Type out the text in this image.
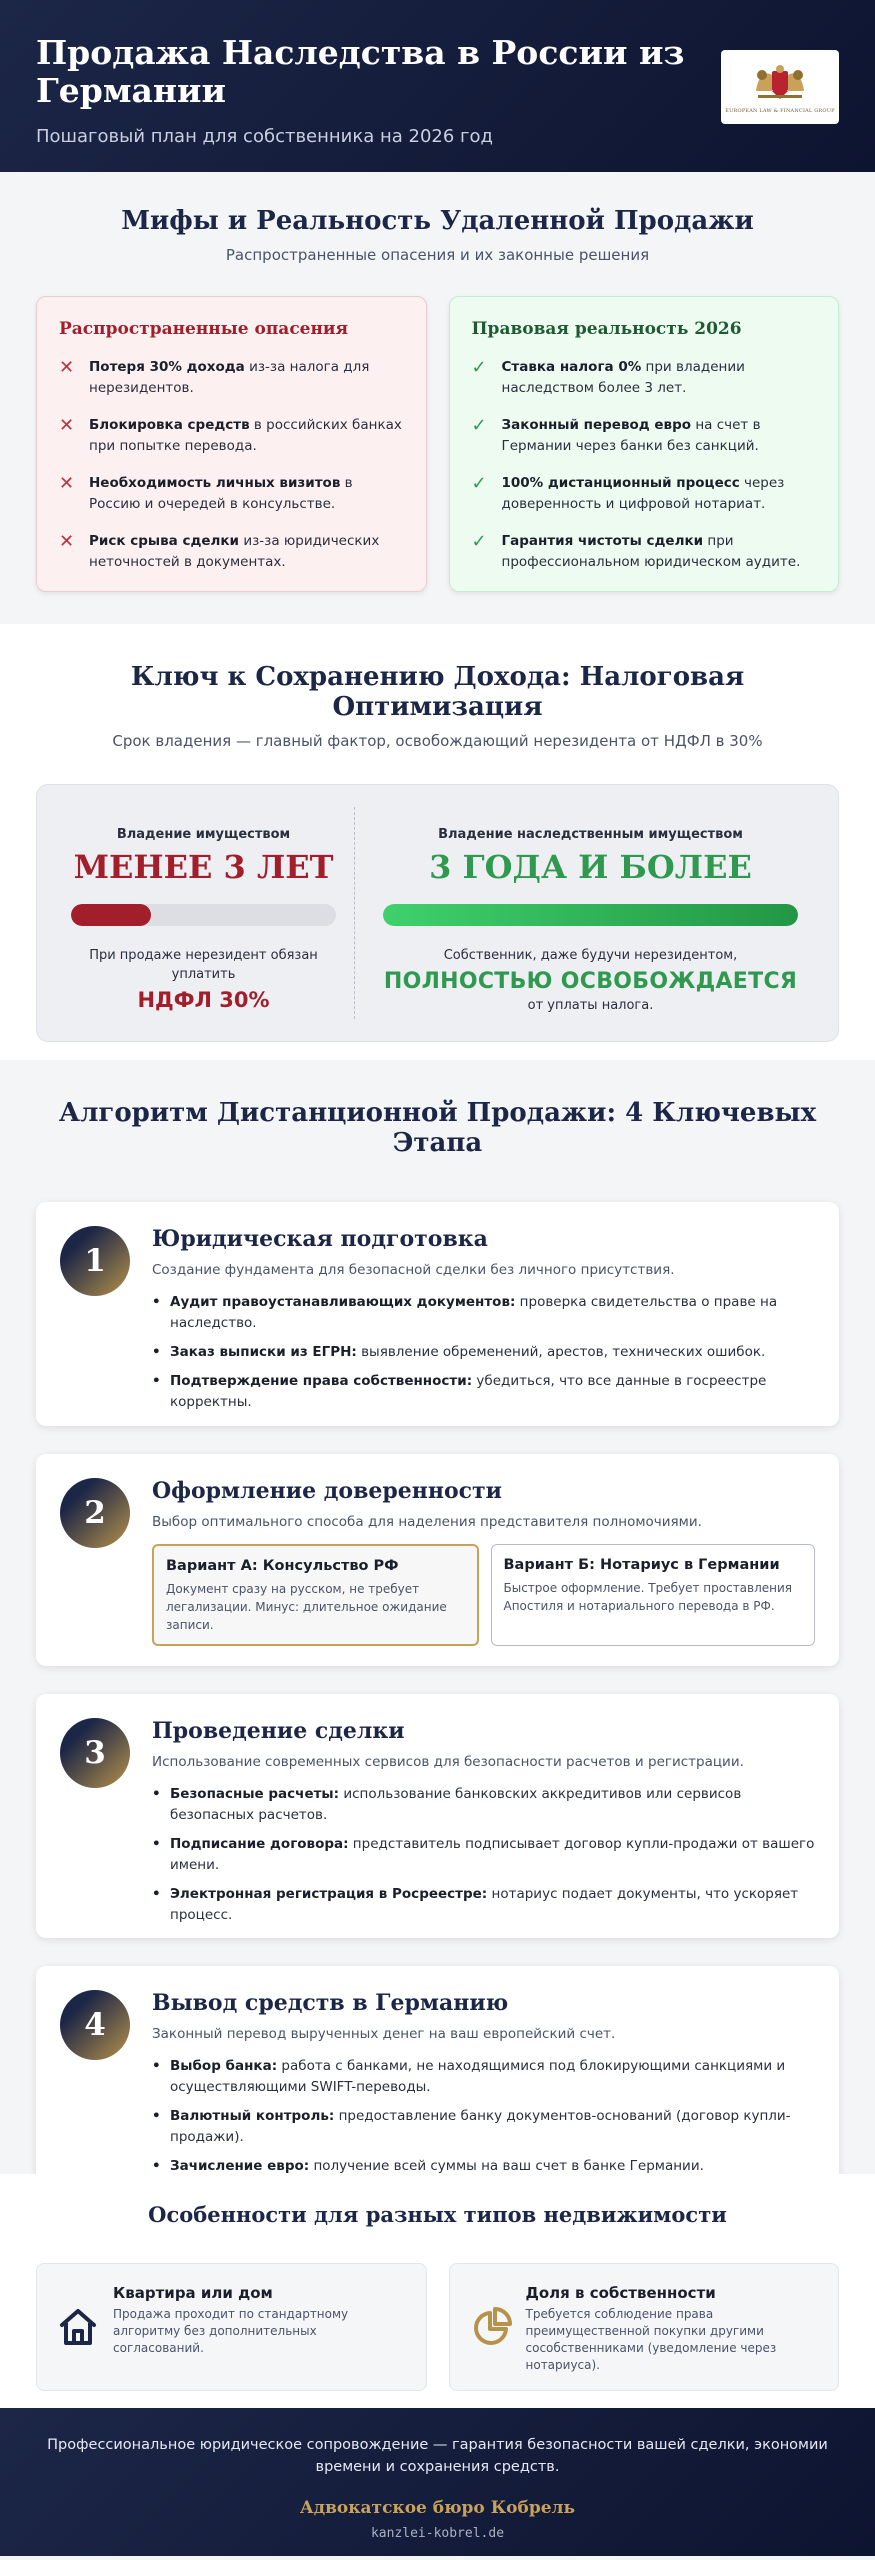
Продажа Наследства в России из Германии
Пошаговый план для собственника на 2026 год
EUROPEAN LAW & FINANCIAL GROUP
Мифы и Реальность Удаленной Продажи
Распространенные опасения и их законные решения
Распространенные опасения
✕ Потеря 30% дохода из-за налога для нерезидентов.
✕ Блокировка средств в российских банках при попытке перевода.
✕ Необходимость личных визитов в Россию и очередей в консульстве.
✕ Риск срыва сделки из-за юридических неточностей в документах.
Правовая реальность 2026
✓ Ставка налога 0% при владении наследством более 3 лет.
✓ Законный перевод евро на счет в Германии через банки без санкций.
✓ 100% дистанционный процесс через доверенность и цифровой нотариат.
✓ Гарантия чистоты сделки при профессиональном юридическом аудите.
Ключ к Сохранению Дохода: Налоговая Оптимизация
Срок владения — главный фактор, освобождающий нерезидента от НДФЛ в 30%
Владение имуществом
МЕНЕЕ 3 ЛЕТ
При продаже нерезидент обязан уплатить
НДФЛ 30%
Владение наследственным имуществом
3 ГОДА И БОЛЕЕ
Собственник, даже будучи нерезидентом,
ПОЛНОСТЬЮ ОСВОБОЖДАЕТСЯ
от уплаты налога.
Алгоритм Дистанционной Продажи: 4 Ключевых Этапа
1
Юридическая подготовка
Создание фундамента для безопасной сделки без личного присутствия.
• Аудит правоустанавливающих документов: проверка свидетельства о праве на наследство.
• Заказ выписки из ЕГРН: выявление обременений, арестов, технических ошибок.
• Подтверждение права собственности: убедиться, что все данные в госреестре корректны.
2
Оформление доверенности
Выбор оптимального способа для наделения представителя полномочиями.
Вариант А: Консульство РФ
Документ сразу на русском, не требует легализации. Минус: длительное ожидание записи.
Вариант Б: Нотариус в Германии
Быстрое оформление. Требует проставления Апостиля и нотариального перевода в РФ.
3
Проведение сделки
Использование современных сервисов для безопасности расчетов и регистрации.
• Безопасные расчеты: использование банковских аккредитивов или сервисов безопасных расчетов.
• Подписание договора: представитель подписывает договор купли-продажи от вашего имени.
• Электронная регистрация в Росреестре: нотариус подает документы, что ускоряет процесс.
4
Вывод средств в Германию
Законный перевод вырученных денег на ваш европейский счет.
• Выбор банка: работа с банками, не находящимися под блокирующими санкциями и осуществляющими SWIFT-переводы.
• Валютный контроль: предоставление банку документов-оснований (договор купли-продажи).
• Зачисление евро: получение всей суммы на ваш счет в банке Германии.
Особенности для разных типов недвижимости
Квартира или дом
Продажа проходит по стандартному алгоритму без дополнительных согласований.
Доля в собственности
Требуется соблюдение права преимущественной покупки другими сособственниками (уведомление через нотариуса).
Профессиональное юридическое сопровождение — гарантия безопасности вашей сделки, экономии времени и сохранения средств.
Адвокатское бюро Кобрель
kanzlei-kobrel.de
